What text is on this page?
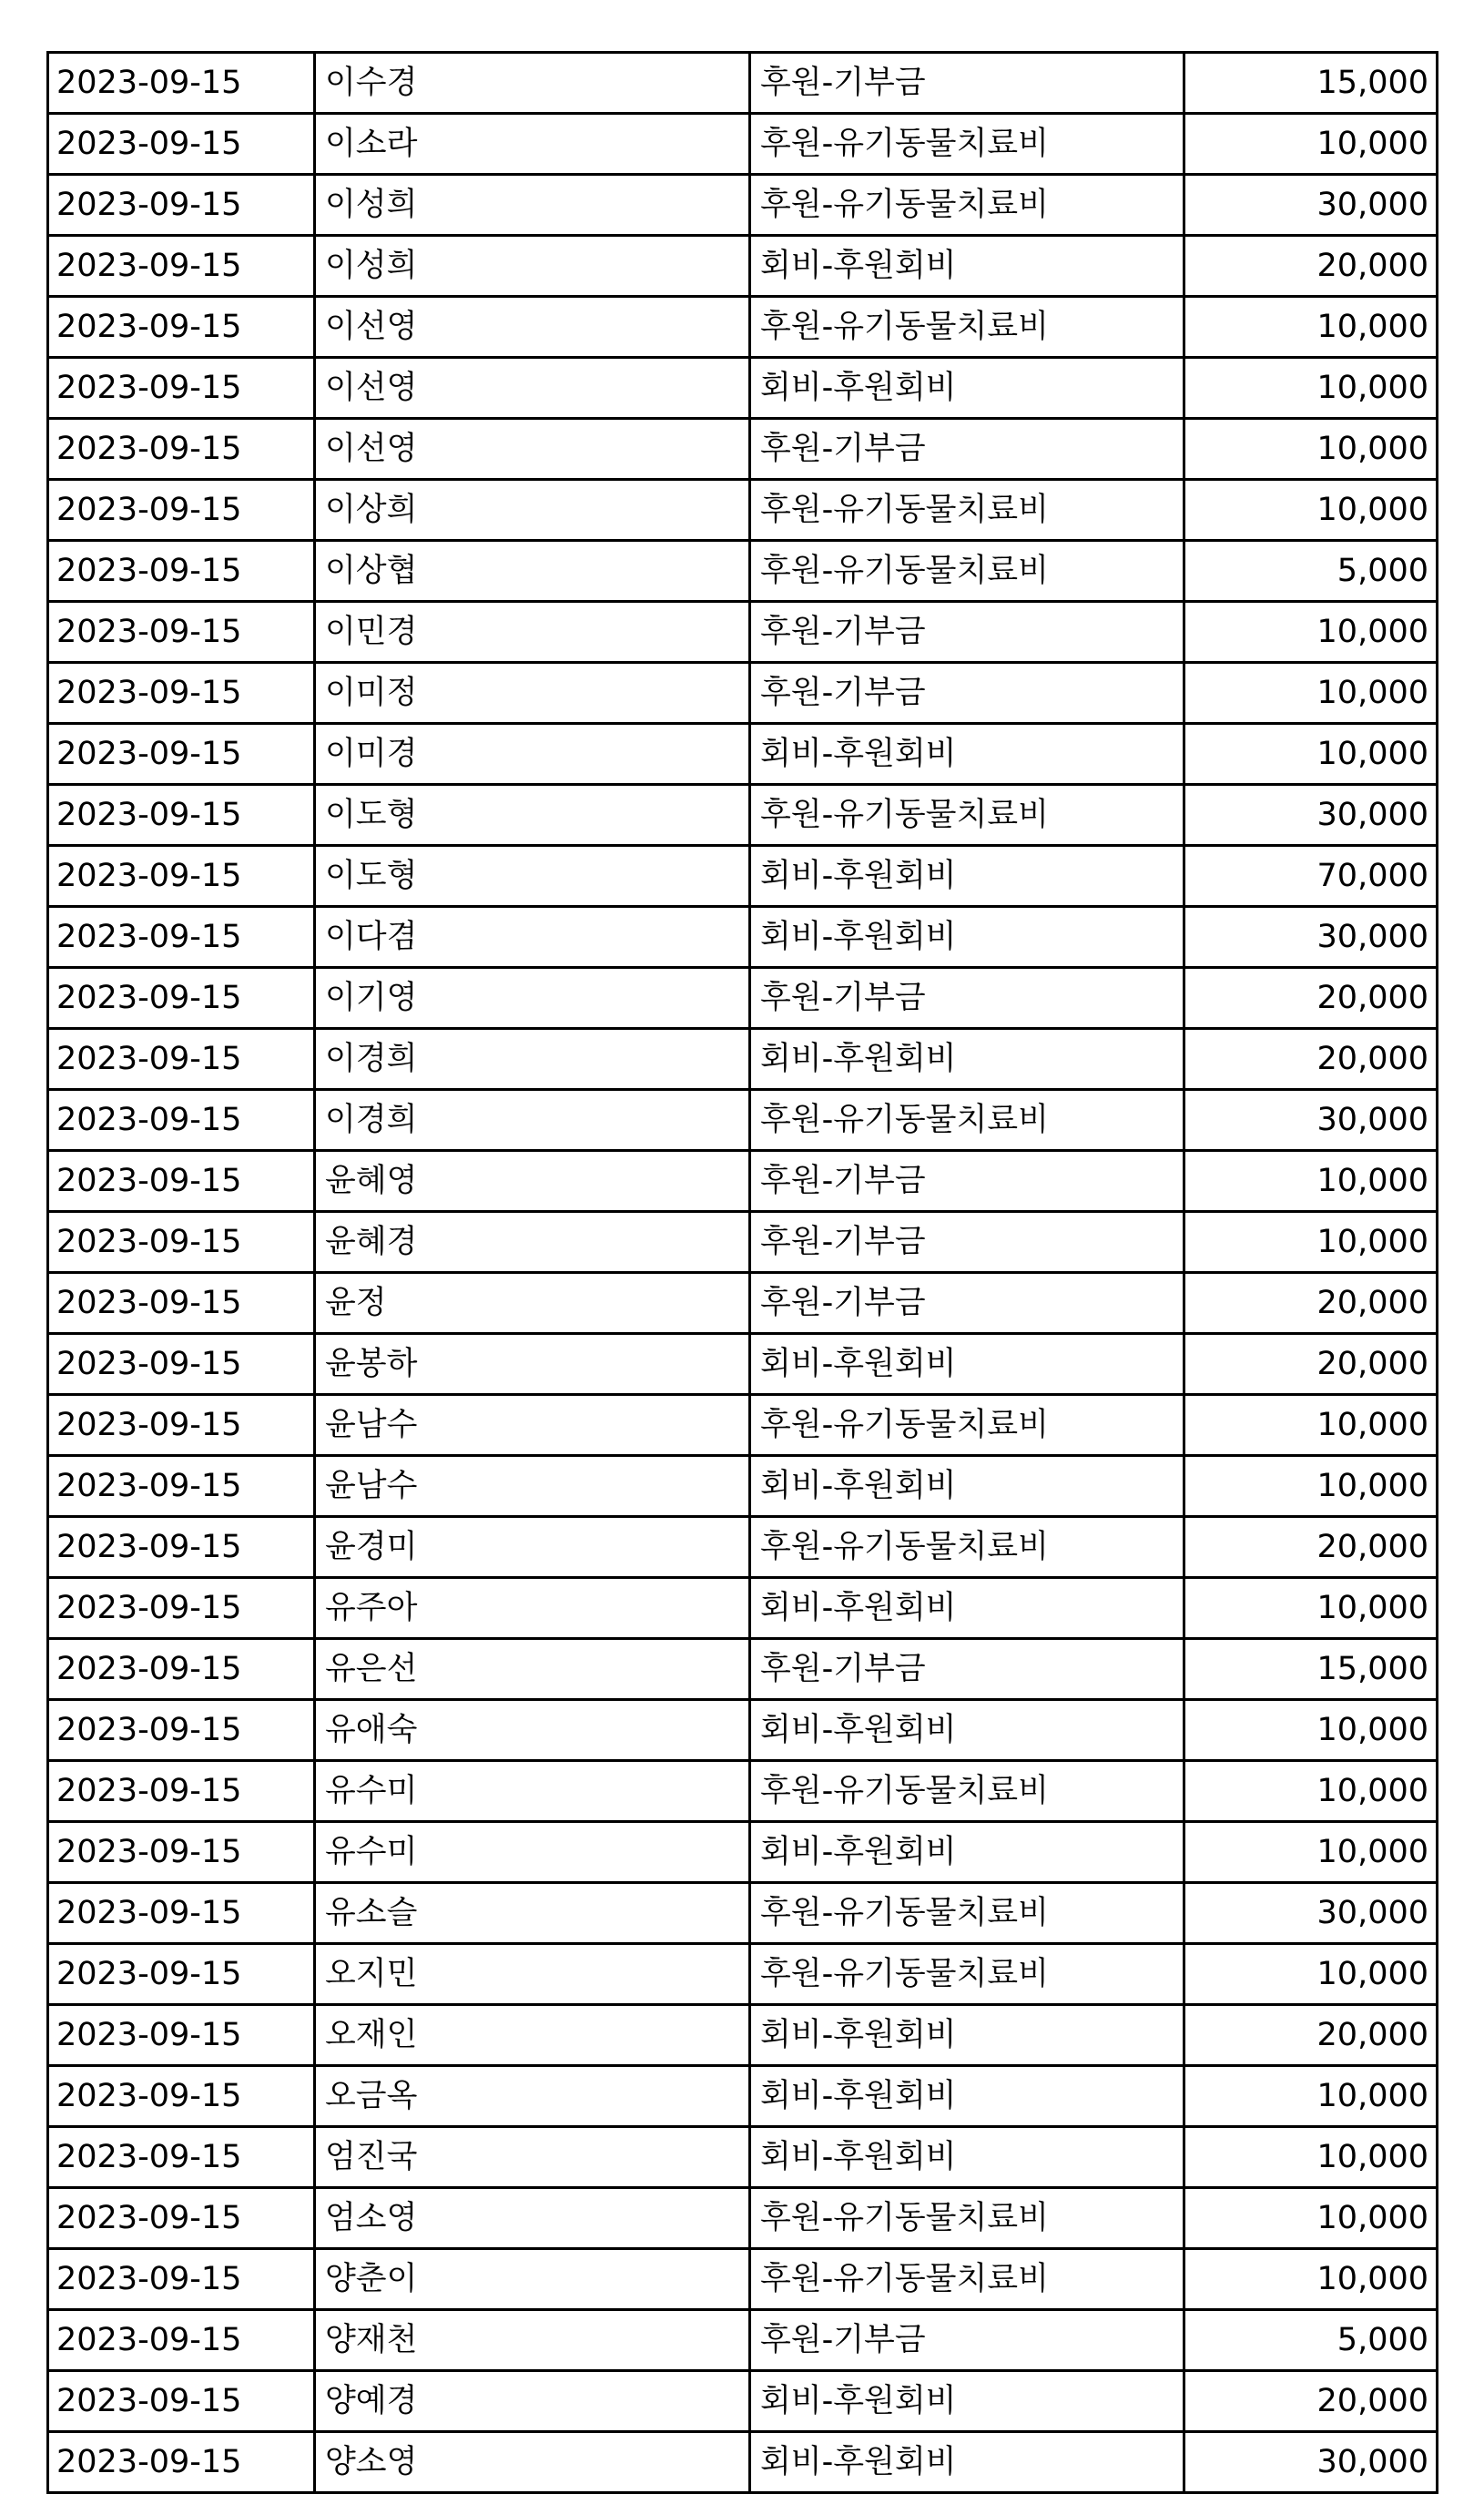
2023-09-15	이수경	후원-기부금	15,000
2023-09-15	이소라	후원-유기동물치료비	10,000
2023-09-15	이성희	후원-유기동물치료비	30,000
2023-09-15	이성희	회비-후원회비	20,000
2023-09-15	이선영	후원-유기동물치료비	10,000
2023-09-15	이선영	회비-후원회비	10,000
2023-09-15	이선영	후원-기부금	10,000
2023-09-15	이상희	후원-유기동물치료비	10,000
2023-09-15	이상협	후원-유기동물치료비	5,000
2023-09-15	이민경	후원-기부금	10,000
2023-09-15	이미정	후원-기부금	10,000
2023-09-15	이미경	회비-후원회비	10,000
2023-09-15	이도형	후원-유기동물치료비	30,000
2023-09-15	이도형	회비-후원회비	70,000
2023-09-15	이다겸	회비-후원회비	30,000
2023-09-15	이기영	후원-기부금	20,000
2023-09-15	이경희	회비-후원회비	20,000
2023-09-15	이경희	후원-유기동물치료비	30,000
2023-09-15	윤혜영	후원-기부금	10,000
2023-09-15	윤혜경	후원-기부금	10,000
2023-09-15	윤정	후원-기부금	20,000
2023-09-15	윤봉하	회비-후원회비	20,000
2023-09-15	윤남수	후원-유기동물치료비	10,000
2023-09-15	윤남수	회비-후원회비	10,000
2023-09-15	윤경미	후원-유기동물치료비	20,000
2023-09-15	유주아	회비-후원회비	10,000
2023-09-15	유은선	후원-기부금	15,000
2023-09-15	유애숙	회비-후원회비	10,000
2023-09-15	유수미	후원-유기동물치료비	10,000
2023-09-15	유수미	회비-후원회비	10,000
2023-09-15	유소슬	후원-유기동물치료비	30,000
2023-09-15	오지민	후원-유기동물치료비	10,000
2023-09-15	오재인	회비-후원회비	20,000
2023-09-15	오금옥	회비-후원회비	10,000
2023-09-15	엄진국	회비-후원회비	10,000
2023-09-15	엄소영	후원-유기동물치료비	10,000
2023-09-15	양춘이	후원-유기동물치료비	10,000
2023-09-15	양재천	후원-기부금	5,000
2023-09-15	양예경	회비-후원회비	20,000
2023-09-15	양소영	회비-후원회비	30,000
